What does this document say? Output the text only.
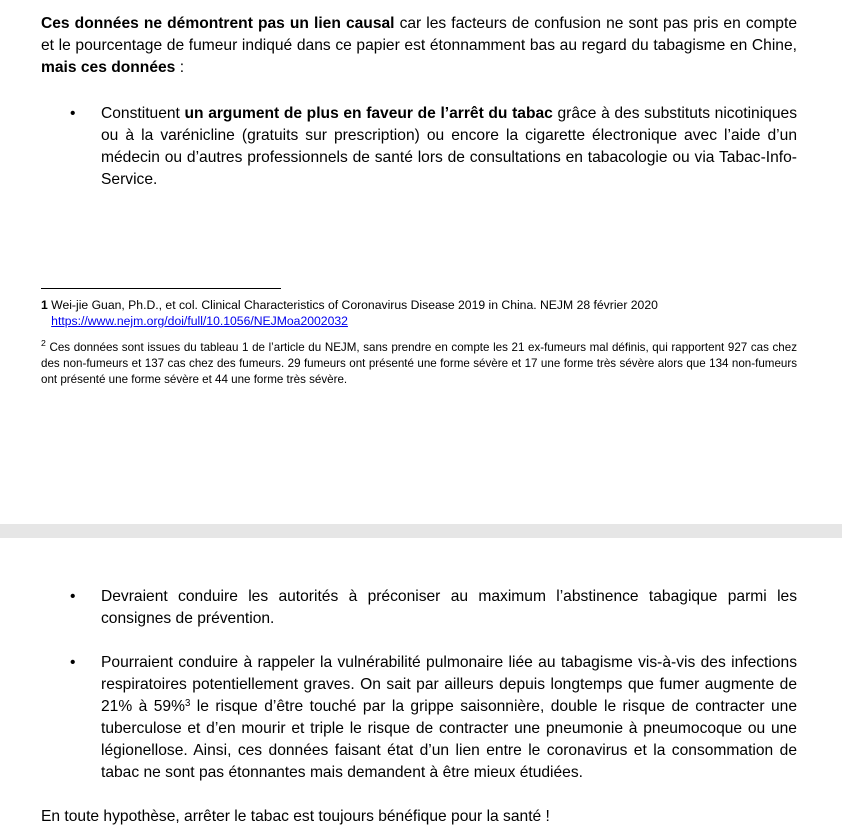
Ces données ne démontrent pas un lien causal car les facteurs de confusion ne sont pas pris en compte et le pourcentage de fumeur indiqué dans ce papier est étonnamment bas au regard du tabagisme en Chine, mais ces données :

• Constituent un argument de plus en faveur de l’arrêt du tabac grâce à des substituts nicotiniques ou à la varénicline (gratuits sur prescription) ou encore la cigarette électronique avec l’aide d’un médecin ou d’autres professionnels de santé lors de consultations en tabacologie ou via Tabac-Info-Service.

1 Wei-jie Guan, Ph.D., et col. Clinical Characteristics of Coronavirus Disease 2019 in China. NEJM 28 février 2020
https://www.nejm.org/doi/full/10.1056/NEJMoa2002032

$^2$ Ces données sont issues du tableau 1 de l’article du NEJM, sans prendre en compte les 21 ex-fumeurs mal définis, qui rapportent 927 cas chez des non-fumeurs et 137 cas chez des fumeurs. 29 fumeurs ont présenté une forme sévère et 17 une forme très sévère alors que 134 non-fumeurs ont présenté une forme sévère et 44 une forme très sévère.

• Devraient conduire les autorités à préconiser au maximum l’abstinence tabagique parmi les consignes de prévention.

• Pourraient conduire à rappeler la vulnérabilité pulmonaire liée au tabagisme vis-à-vis des infections respiratoires potentiellement graves. On sait par ailleurs depuis longtemps que fumer augmente de 21% à 59%$^3$ le risque d’être touché par la grippe saisonnière, double le risque de contracter une tuberculose et d’en mourir et triple le risque de contracter une pneumonie à pneumocoque ou une légionellose. Ainsi, ces données faisant état d’un lien entre le coronavirus et la consommation de tabac ne sont pas étonnantes mais demandent à être mieux étudiées.

En toute hypothèse, arrêter le tabac est toujours bénéfique pour la santé !
